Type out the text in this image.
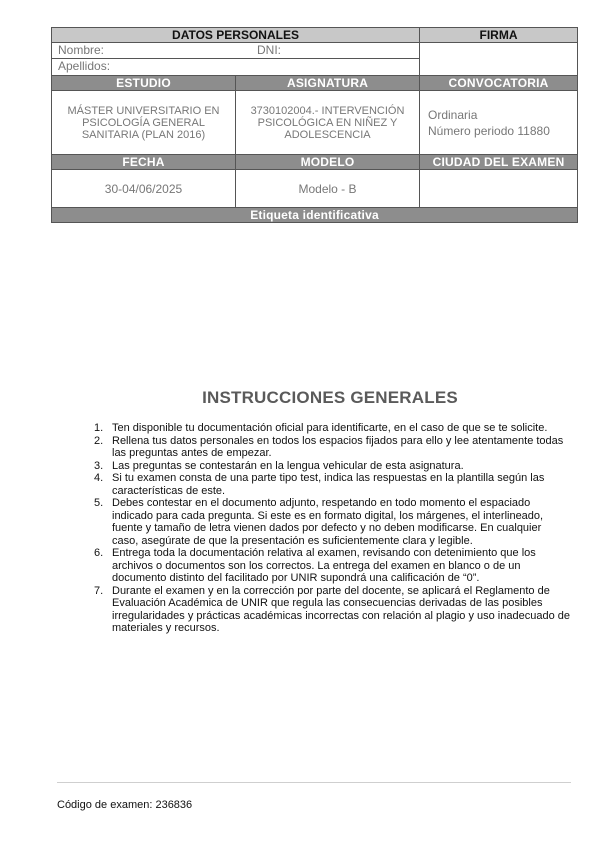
DATOS PERSONALES		FIRMA

Nombre: DNI:
Apellidos:		

ESTUDIO	ASIGNATURA	CONVOCATORIA
MÁSTER UNIVERSITARIO EN PSICOLOGÍA GENERAL SANITARIA (PLAN 2016)	3730102004.- INTERVENCIÓN PSICOLÓGICA EN NIÑEZ Y ADOLESCENCIA	Ordinaria
Número periodo 11880

FECHA	MODELO	CIUDAD DEL EXAMEN
30-04/06/2025	Modelo - B	
Etiqueta identificativa		
INSTRUCCIONES GENERALES
1. Ten disponible tu documentación oficial para identificarte, en el caso de que se te solicite.
2. Rellena tus datos personales en todos los espacios fijados para ello y lee atentamente todas las preguntas antes de empezar.
3. Las preguntas se contestarán en la lengua vehicular de esta asignatura.
4. Si tu examen consta de una parte tipo test, indica las respuestas en la plantilla según las características de este.
5. Debes contestar en el documento adjunto, respetando en todo momento el espaciado indicado para cada pregunta. Si este es en formato digital, los márgenes, el interlineado, fuente y tamaño de letra vienen dados por defecto y no deben modificarse. En cualquier caso, asegúrate de que la presentación es suficientemente clara y legible.
6. Entrega toda la documentación relativa al examen, revisando con detenimiento que los archivos o documentos son los correctos. La entrega del examen en blanco o de un documento distinto del facilitado por UNIR supondrá una calificación de “0”.
7. Durante el examen y en la corrección por parte del docente, se aplicará el Reglamento de Evaluación Académica de UNIR que regula las consecuencias derivadas de las posibles irregularidades y prácticas académicas incorrectas con relación al plagio y uso inadecuado de materiales y recursos.
Código de examen: 236836
